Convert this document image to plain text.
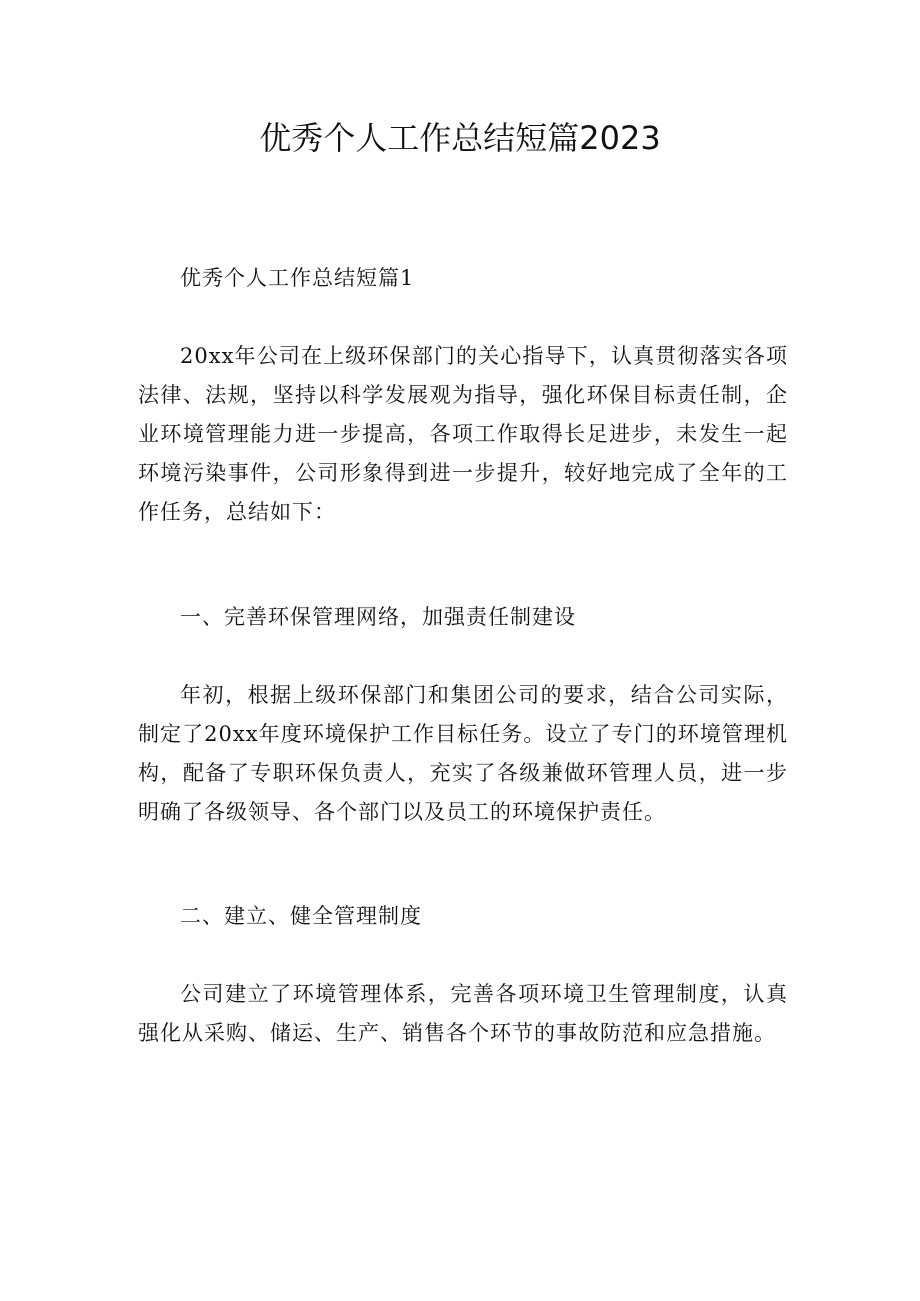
优秀个人工作总结短篇2023

优秀个人工作总结短篇1

20xx年公司在上级环保部门的关心指导下，认真贯彻落实各项法律、法规，坚持以科学发展观为指导，强化环保目标责任制，企业环境管理能力进一步提高，各项工作取得长足进步，未发生一起环境污染事件，公司形象得到进一步提升，较好地完成了全年的工作任务，总结如下：

一、完善环保管理网络，加强责任制建设

年初，根据上级环保部门和集团公司的要求，结合公司实际，制定了20xx年度环境保护工作目标任务。设立了专门的环境管理机构，配备了专职环保负责人，充实了各级兼做环管理人员，进一步明确了各级领导、各个部门以及员工的环境保护责任。

二、建立、健全管理制度

公司建立了环境管理体系，完善各项环境卫生管理制度，认真强化从采购、储运、生产、销售各个环节的事故防范和应急措施。
